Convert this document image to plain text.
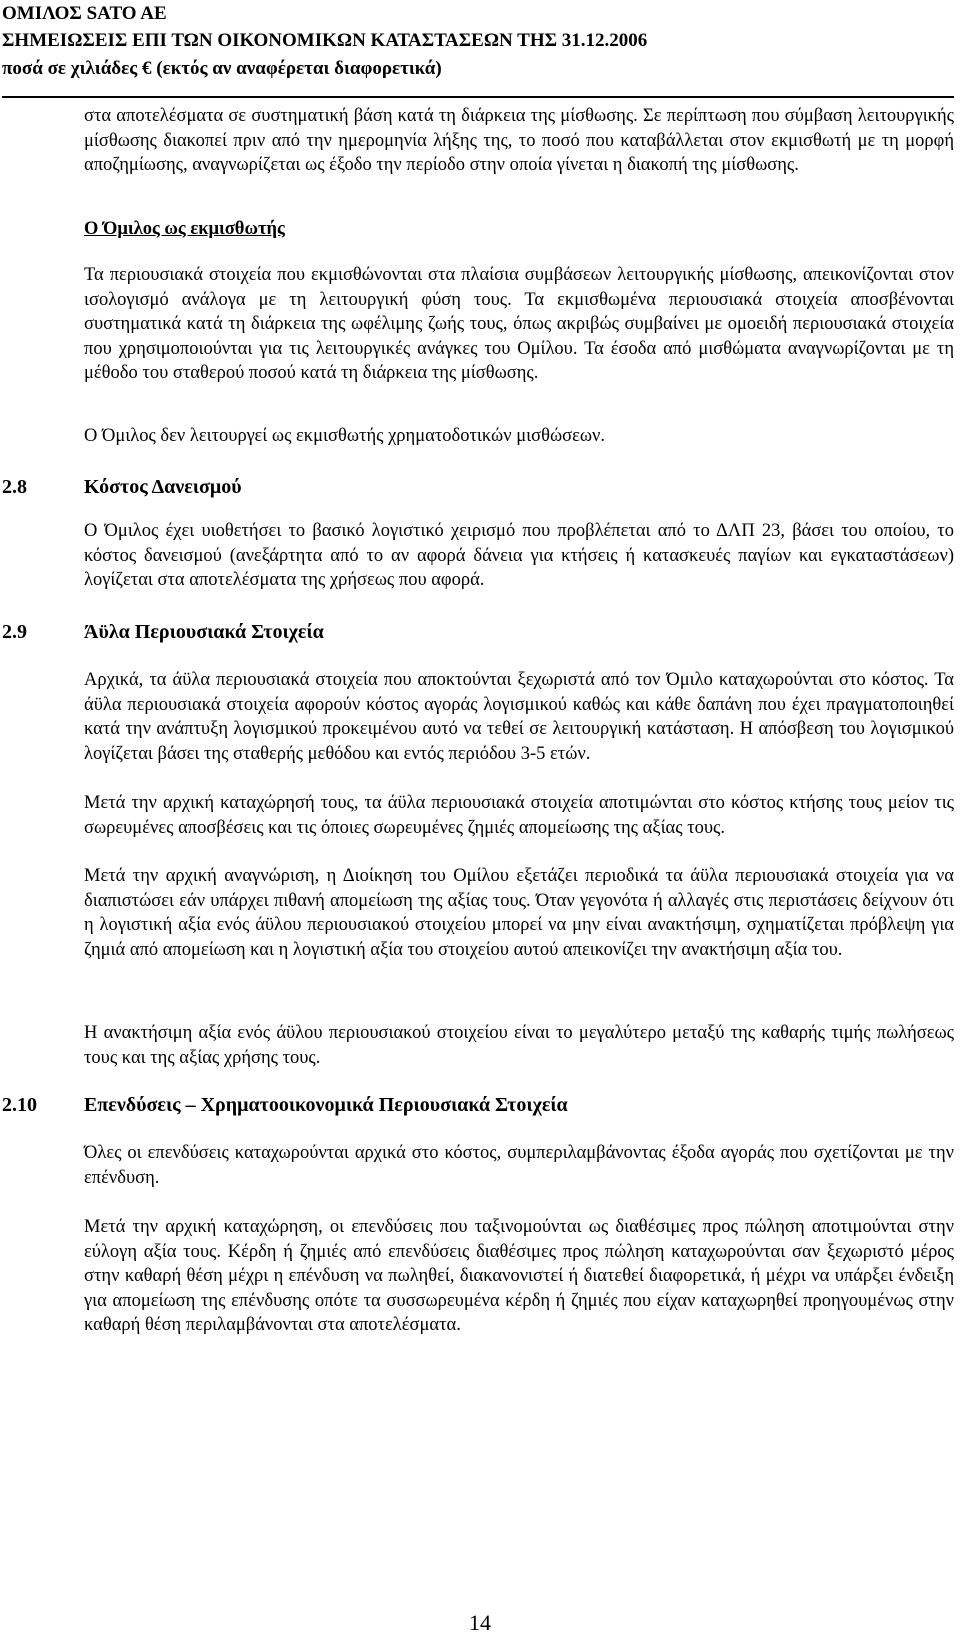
ΟΜΙΛΟΣ SATO AE
ΣΗΜΕΙΩΣΕΙΣ ΕΠΙ ΤΩΝ ΟΙΚΟΝΟΜΙΚΩΝ ΚΑΤΑΣΤΑΣΕΩΝ ΤΗΣ 31.12.2006
ποσά σε χιλιάδες € (εκτός αν αναφέρεται διαφορετικά)

στα αποτελέσματα σε συστηματική βάση κατά τη διάρκεια της μίσθωσης. Σε περίπτωση που σύμβαση λειτουργικής μίσθωσης διακοπεί πριν από την ημερομηνία λήξης της, το ποσό που καταβάλλεται στον εκμισθωτή με τη μορφή αποζημίωσης, αναγνωρίζεται ως έξοδο την περίοδο στην οποία γίνεται η διακοπή της μίσθωσης.

Ο Όμιλος ως εκμισθωτής

Τα περιουσιακά στοιχεία που εκμισθώνονται στα πλαίσια συμβάσεων λειτουργικής μίσθωσης, απεικονίζονται στον ισολογισμό ανάλογα με τη λειτουργική φύση τους. Τα εκμισθωμένα περιουσιακά στοιχεία αποσβένονται συστηματικά κατά τη διάρκεια της ωφέλιμης ζωής τους, όπως ακριβώς συμβαίνει με ομοειδή περιουσιακά στοιχεία που χρησιμοποιούνται για τις λειτουργικές ανάγκες του Ομίλου. Τα έσοδα από μισθώματα αναγνωρίζονται με τη μέθοδο του σταθερού ποσού κατά τη διάρκεια της μίσθωσης.

Ο Όμιλος δεν λειτουργεί ως εκμισθωτής χρηματοδοτικών μισθώσεων.

2.8	Κόστος Δανεισμού

Ο Όμιλος έχει υιοθετήσει το βασικό λογιστικό χειρισμό που προβλέπεται από το ΔΛΠ 23, βάσει του οποίου, το κόστος δανεισμού (ανεξάρτητα από το αν αφορά δάνεια για κτήσεις ή κατασκευές παγίων και εγκαταστάσεων) λογίζεται στα αποτελέσματα της χρήσεως που αφορά.

2.9	Άϋλα Περιουσιακά Στοιχεία

Αρχικά, τα άϋλα περιουσιακά στοιχεία που αποκτούνται ξεχωριστά από τον Όμιλο καταχωρούνται στο κόστος. Τα άϋλα περιουσιακά στοιχεία αφορούν κόστος αγοράς λογισμικού καθώς και κάθε δαπάνη που έχει πραγματοποιηθεί κατά την ανάπτυξη λογισμικού προκειμένου αυτό να τεθεί σε λειτουργική κατάσταση. Η απόσβεση του λογισμικού λογίζεται βάσει της σταθερής μεθόδου και εντός περιόδου 3-5 ετών.

Μετά την αρχική καταχώρησή τους, τα άϋλα περιουσιακά στοιχεία αποτιμώνται στο κόστος κτήσης τους μείον τις σωρευμένες αποσβέσεις και τις όποιες σωρευμένες ζημιές απομείωσης της αξίας τους.

Μετά την αρχική αναγνώριση, η Διοίκηση του Ομίλου εξετάζει περιοδικά τα άϋλα περιουσιακά στοιχεία για να διαπιστώσει εάν υπάρχει πιθανή απομείωση της αξίας τους. Όταν γεγονότα ή αλλαγές στις περιστάσεις δείχνουν ότι η λογιστική αξία ενός άϋλου περιουσιακού στοιχείου μπορεί να μην είναι ανακτήσιμη, σχηματίζεται πρόβλεψη για ζημιά από απομείωση και η λογιστική αξία του στοιχείου αυτού απεικονίζει την ανακτήσιμη αξία του.

Η ανακτήσιμη αξία ενός άϋλου περιουσιακού στοιχείου είναι το μεγαλύτερο μεταξύ της καθαρής τιμής πωλήσεως τους και της αξίας χρήσης τους.

2.10 Επενδύσεις – Χρηματοοικονομικά Περιουσιακά Στοιχεία

Όλες οι επενδύσεις καταχωρούνται αρχικά στο κόστος, συμπεριλαμβάνοντας έξοδα αγοράς που σχετίζονται με την επένδυση.

Μετά την αρχική καταχώρηση, οι επενδύσεις που ταξινομούνται ως διαθέσιμες προς πώληση αποτιμούνται στην εύλογη αξία τους. Κέρδη ή ζημιές από επενδύσεις διαθέσιμες προς πώληση καταχωρούνται σαν ξεχωριστό μέρος στην καθαρή θέση μέχρι η επένδυση να πωληθεί, διακανονιστεί ή διατεθεί διαφορετικά, ή μέχρι να υπάρξει ένδειξη για απομείωση της επένδυσης οπότε τα συσσωρευμένα κέρδη ή ζημιές που είχαν καταχωρηθεί προηγουμένως στην καθαρή θέση περιλαμβάνονται στα αποτελέσματα.

14
